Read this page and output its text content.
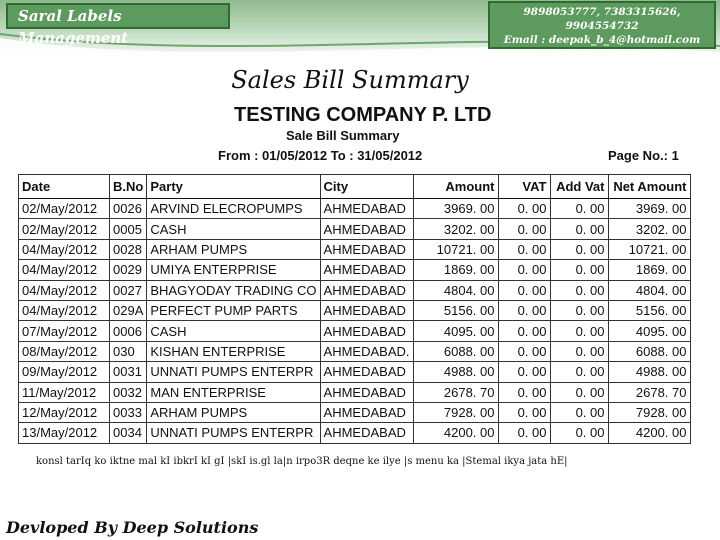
Saral Labels Management
9898053777, 7383315626, 9904554732
Email : deepak_b_4@hotmail.com
www.deepsoftwares.com
Sales Bill Summary
TESTING COMPANY P. LTD
Sale Bill Summary
From : 01/05/2012 To : 31/05/2012	Page No.: 1
Date	B.No	Party	City	Amount	VAT	Add Vat	Net Amount
02/May/2012	0026	ARVIND ELECROPUMPS	AHMEDABAD	3969. 00	0. 00	0. 00	3969. 00
02/May/2012	0005	CASH	AHMEDABAD	3202. 00	0. 00	0. 00	3202. 00
04/May/2012	0028	ARHAM PUMPS	AHMEDABAD	10721. 00	0. 00	0. 00	10721. 00
04/May/2012	0029	UMIYA ENTERPRISE	AHMEDABAD	1869. 00	0. 00	0. 00	1869. 00
04/May/2012	0027	BHAGYODAY TRADING CO	AHMEDABAD	4804. 00	0. 00	0. 00	4804. 00
04/May/2012	029A	PERFECT PUMP PARTS	AHMEDABAD	5156. 00	0. 00	0. 00	5156. 00
07/May/2012	0006	CASH	AHMEDABAD	4095. 00	0. 00	0. 00	4095. 00
08/May/2012	030	KISHAN ENTERPRISE	AHMEDABAD.	6088. 00	0. 00	0. 00	6088. 00
09/May/2012	0031	UNNATI PUMPS ENTERPR	AHMEDABAD	4988. 00	0. 00	0. 00	4988. 00
11/May/2012	0032	MAN ENTERPRISE	AHMEDABAD	2678. 70	0. 00	0. 00	2678. 70
12/May/2012	0033	ARHAM PUMPS	AHMEDABAD	7928. 00	0. 00	0. 00	7928. 00
13/May/2012	0034	UNNATI PUMPS ENTERPR	AHMEDABAD	4200. 00	0. 00	0. 00	4200. 00
konsl tarIq ko iktne mal kI ibkrI kI gI |skI is.gl la|n irpo3R deqne ke ilye |s menu ka |Stemal ikya jata hE|
Devloped By Deep Solutions
